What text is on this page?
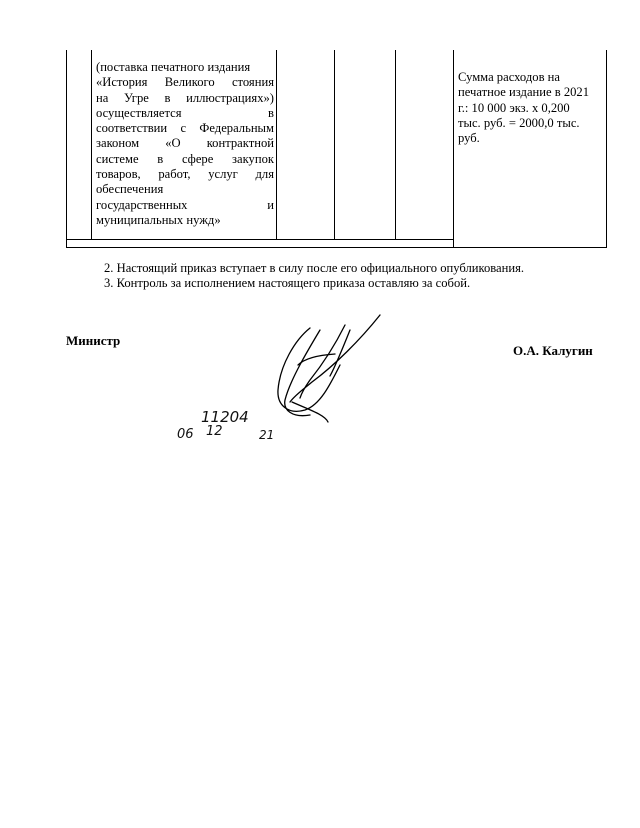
(поставка печатного издания
«История Великого стояния
на Угре в иллюстрациях»)
осуществляется в
соответствии с Федеральным
законом «О контрактной
системе в сфере закупок
товаров, работ, услуг для
обеспечения
государственных и
муниципальных нужд»
Сумма расходов на
печатное издание в 2021
г.: 10 000 экз. х 0,200
тыс. руб. = 2000,0 тыс.
руб.
2. Настоящий приказ вступает в силу после его официального опубликования.
3. Контроль за исполнением настоящего приказа оставляю за собой.
Министр
О.А. Калугин
11204
06 12	21
